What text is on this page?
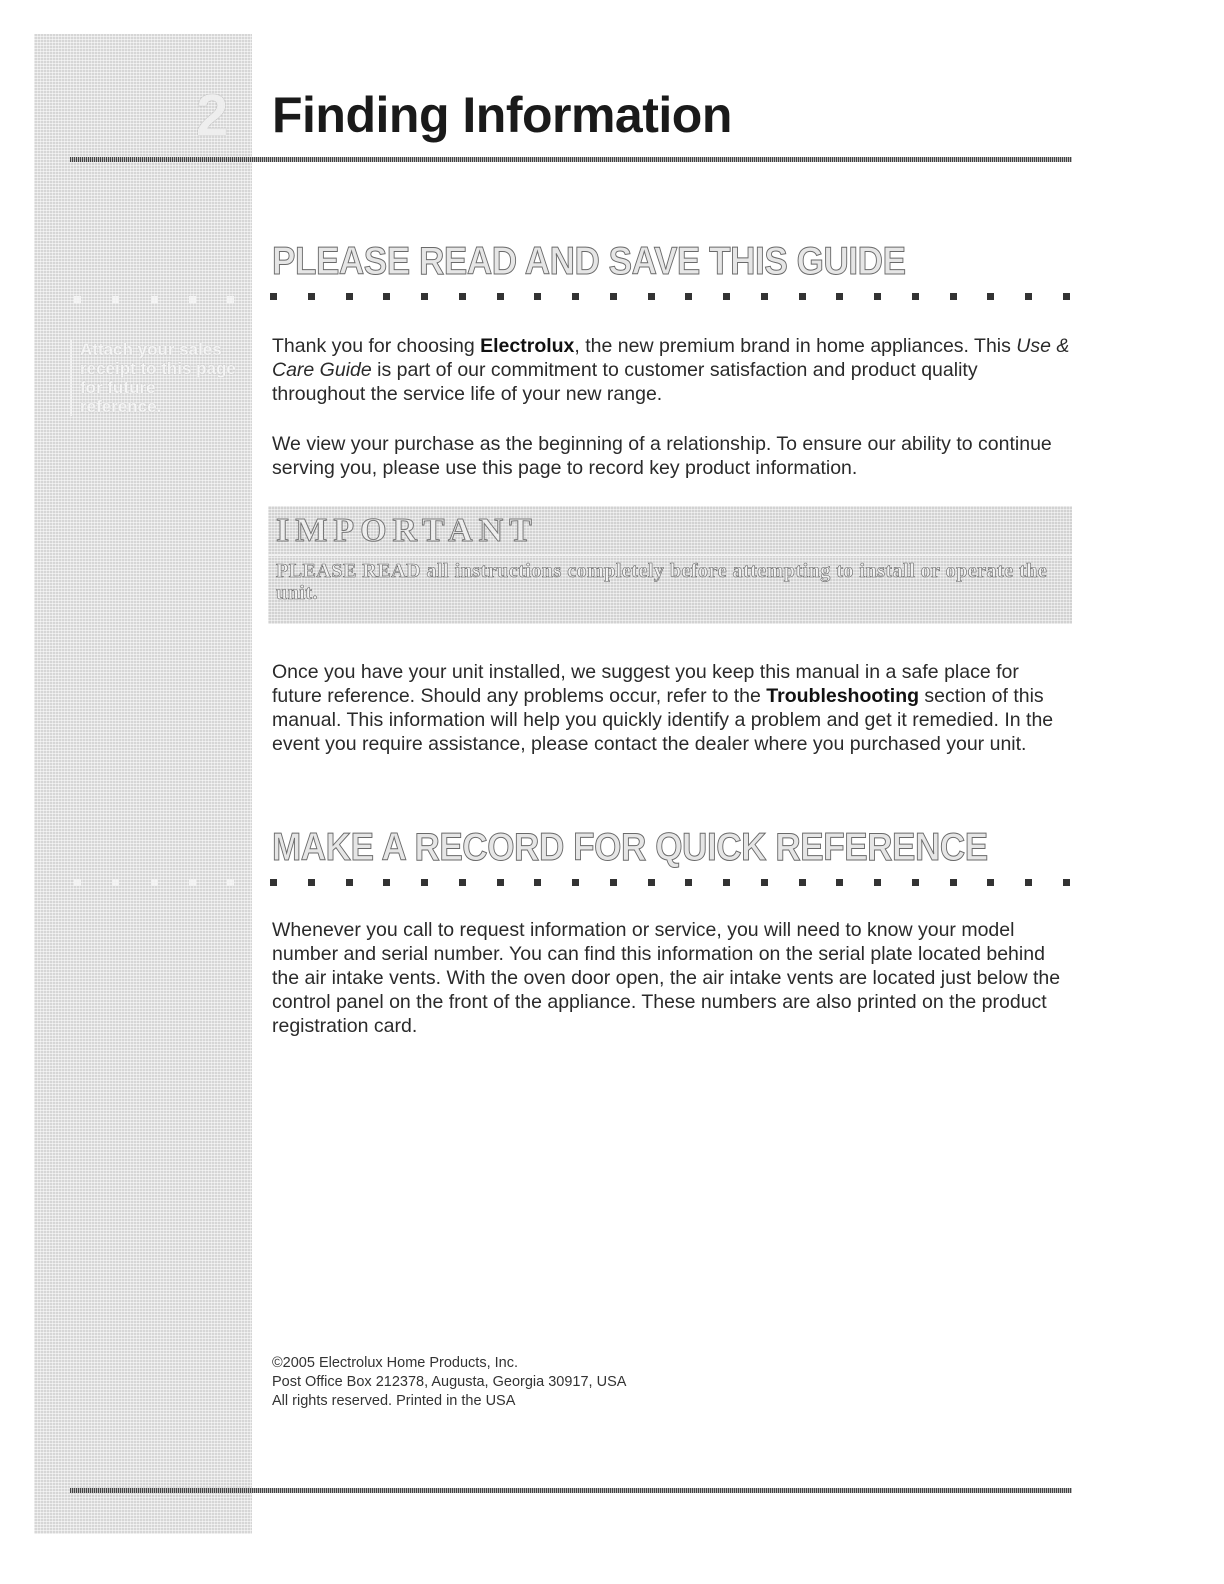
2 Finding Information
Attach your sales receipt to this page for future reference.
PLEASE READ AND SAVE THIS GUIDE

Thank you for choosing Electrolux, the new premium brand in home appliances. This Use & Care Guide is part of our commitment to customer satisfaction and product quality throughout the service life of your new range.

We view your purchase as the beginning of a relationship. To ensure our ability to continue serving you, please use this page to record key product information.

IMPORTANT
PLEASE READ all instructions completely before attempting to install or operate the unit.

Once you have your unit installed, we suggest you keep this manual in a safe place for future reference. Should any problems occur, refer to the Troubleshooting section of this manual. This information will help you quickly identify a problem and get it remedied. In the event you require assistance, please contact the dealer where you purchased your unit.

MAKE A RECORD FOR QUICK REFERENCE

Whenever you call to request information or service, you will need to know your model number and serial number. You can find this information on the serial plate located behind the air intake vents. With the oven door open, the air intake vents are located just below the control panel on the front of the appliance. These numbers are also printed on the product registration card.

©2005 Electrolux Home Products, Inc.
Post Office Box 212378, Augusta, Georgia 30917, USA
All rights reserved. Printed in the USA
